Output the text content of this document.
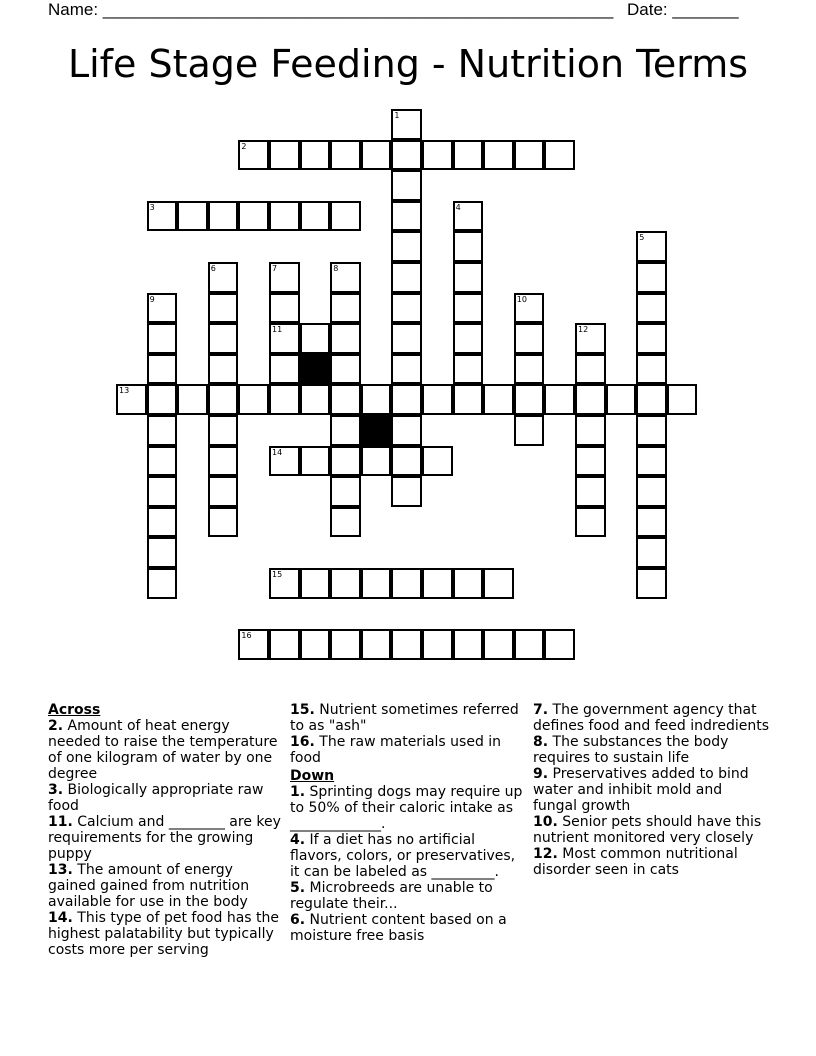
Name: ______________________________________________________ Date: _______
Life Stage Feeding - Nutrition Terms
1
2
3	4
5
6	7
11
8
9	10
12
13
14
15
16
Across
2. Amount of heat energy needed to raise the temperature of one kilogram of water by one degree
3. Biologically appropriate raw food
11. Calcium and ________ are key requirements for the growing puppy
13. The amount of energy gained gained from nutrition available for use in the body
14. This type of pet food has the highest palatability but typically costs more per serving
15. Nutrient sometimes referred to as "ash"
16. The raw materials used in food
Down
1. Sprinting dogs may require up to 50% of their caloric intake as _____________.
4. If a diet has no artificial flavors, colors, or preservatives, it can be labeled as _________.
5. Microbreeds are unable to regulate their...
6. Nutrient content based on a moisture free basis
7. The government agency that defines food and feed indredients
8. The substances the body requires to sustain life
9. Preservatives added to bind water and inhibit mold and fungal growth
10. Senior pets should have this nutrient monitored very closely
12. Most common nutritional disorder seen in cats
